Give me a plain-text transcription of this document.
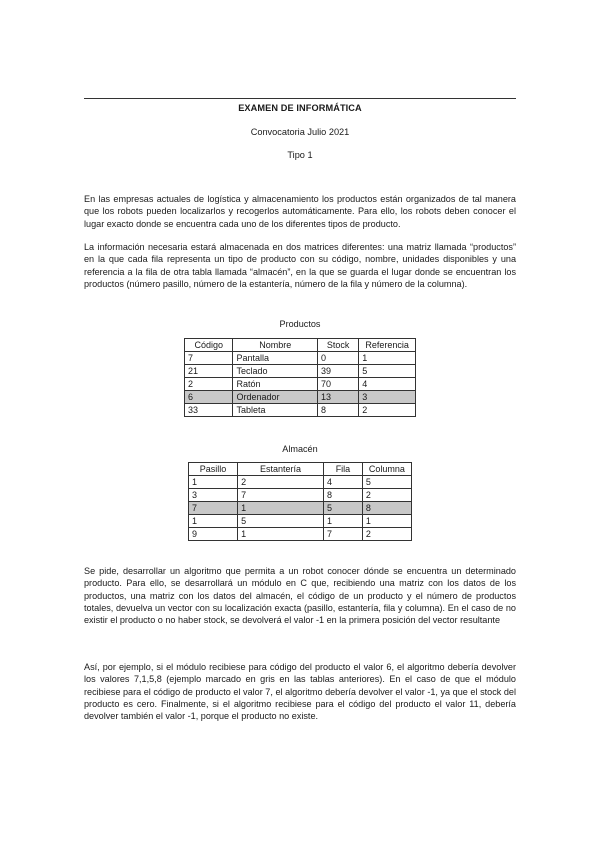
EXAMEN DE INFORMÁTICA
Convocatoria Julio 2021
Tipo 1
En las empresas actuales de logística y almacenamiento los productos están organizados de tal manera que los robots pueden localizarlos y recogerlos automáticamente. Para ello, los robots deben conocer el lugar exacto donde se encuentra cada uno de los diferentes tipos de producto.
La información necesaria estará almacenada en dos matrices diferentes: una matriz llamada “productos” en la que cada fila representa un tipo de producto con su código, nombre, unidades disponibles y una referencia a la fila de otra tabla llamada “almacén”, en la que se guarda el lugar donde se encuentran los productos (número pasillo, número de la estantería, número de la fila y número de la columna).
Productos
Código	Nombre	Stock	Referencia
7	Pantalla	0	1
21	Teclado	39	5
2	Ratón	70	4
6	Ordenador	13	3
33	Tableta	8	2
Almacén
Pasillo	Estantería	Fila	Columna
1	2	4	5
3	7	8	2
7	1	5	8
1	5	1	1
9	1	7	2
Se pide, desarrollar un algoritmo que permita a un robot conocer dónde se encuentra un determinado producto. Para ello, se desarrollará un módulo en C que, recibiendo una matriz con los datos de los productos, una matriz con los datos del almacén, el código de un producto y el número de productos totales, devuelva un vector con su localización exacta (pasillo, estantería, fila y columna). En el caso de no existir el producto o no haber stock, se devolverá el valor -1 en la primera posición del vector resultante
Así, por ejemplo, si el módulo recibiese para código del producto el valor 6, el algoritmo debería devolver los valores 7,1,5,8 (ejemplo marcado en gris en las tablas anteriores). En el caso de que el módulo recibiese para el código de producto el valor 7, el algoritmo debería devolver el valor -1, ya que el stock del producto es cero. Finalmente, si el algoritmo recibiese para el código del producto el valor 11, debería devolver también el valor -1, porque el producto no existe.
